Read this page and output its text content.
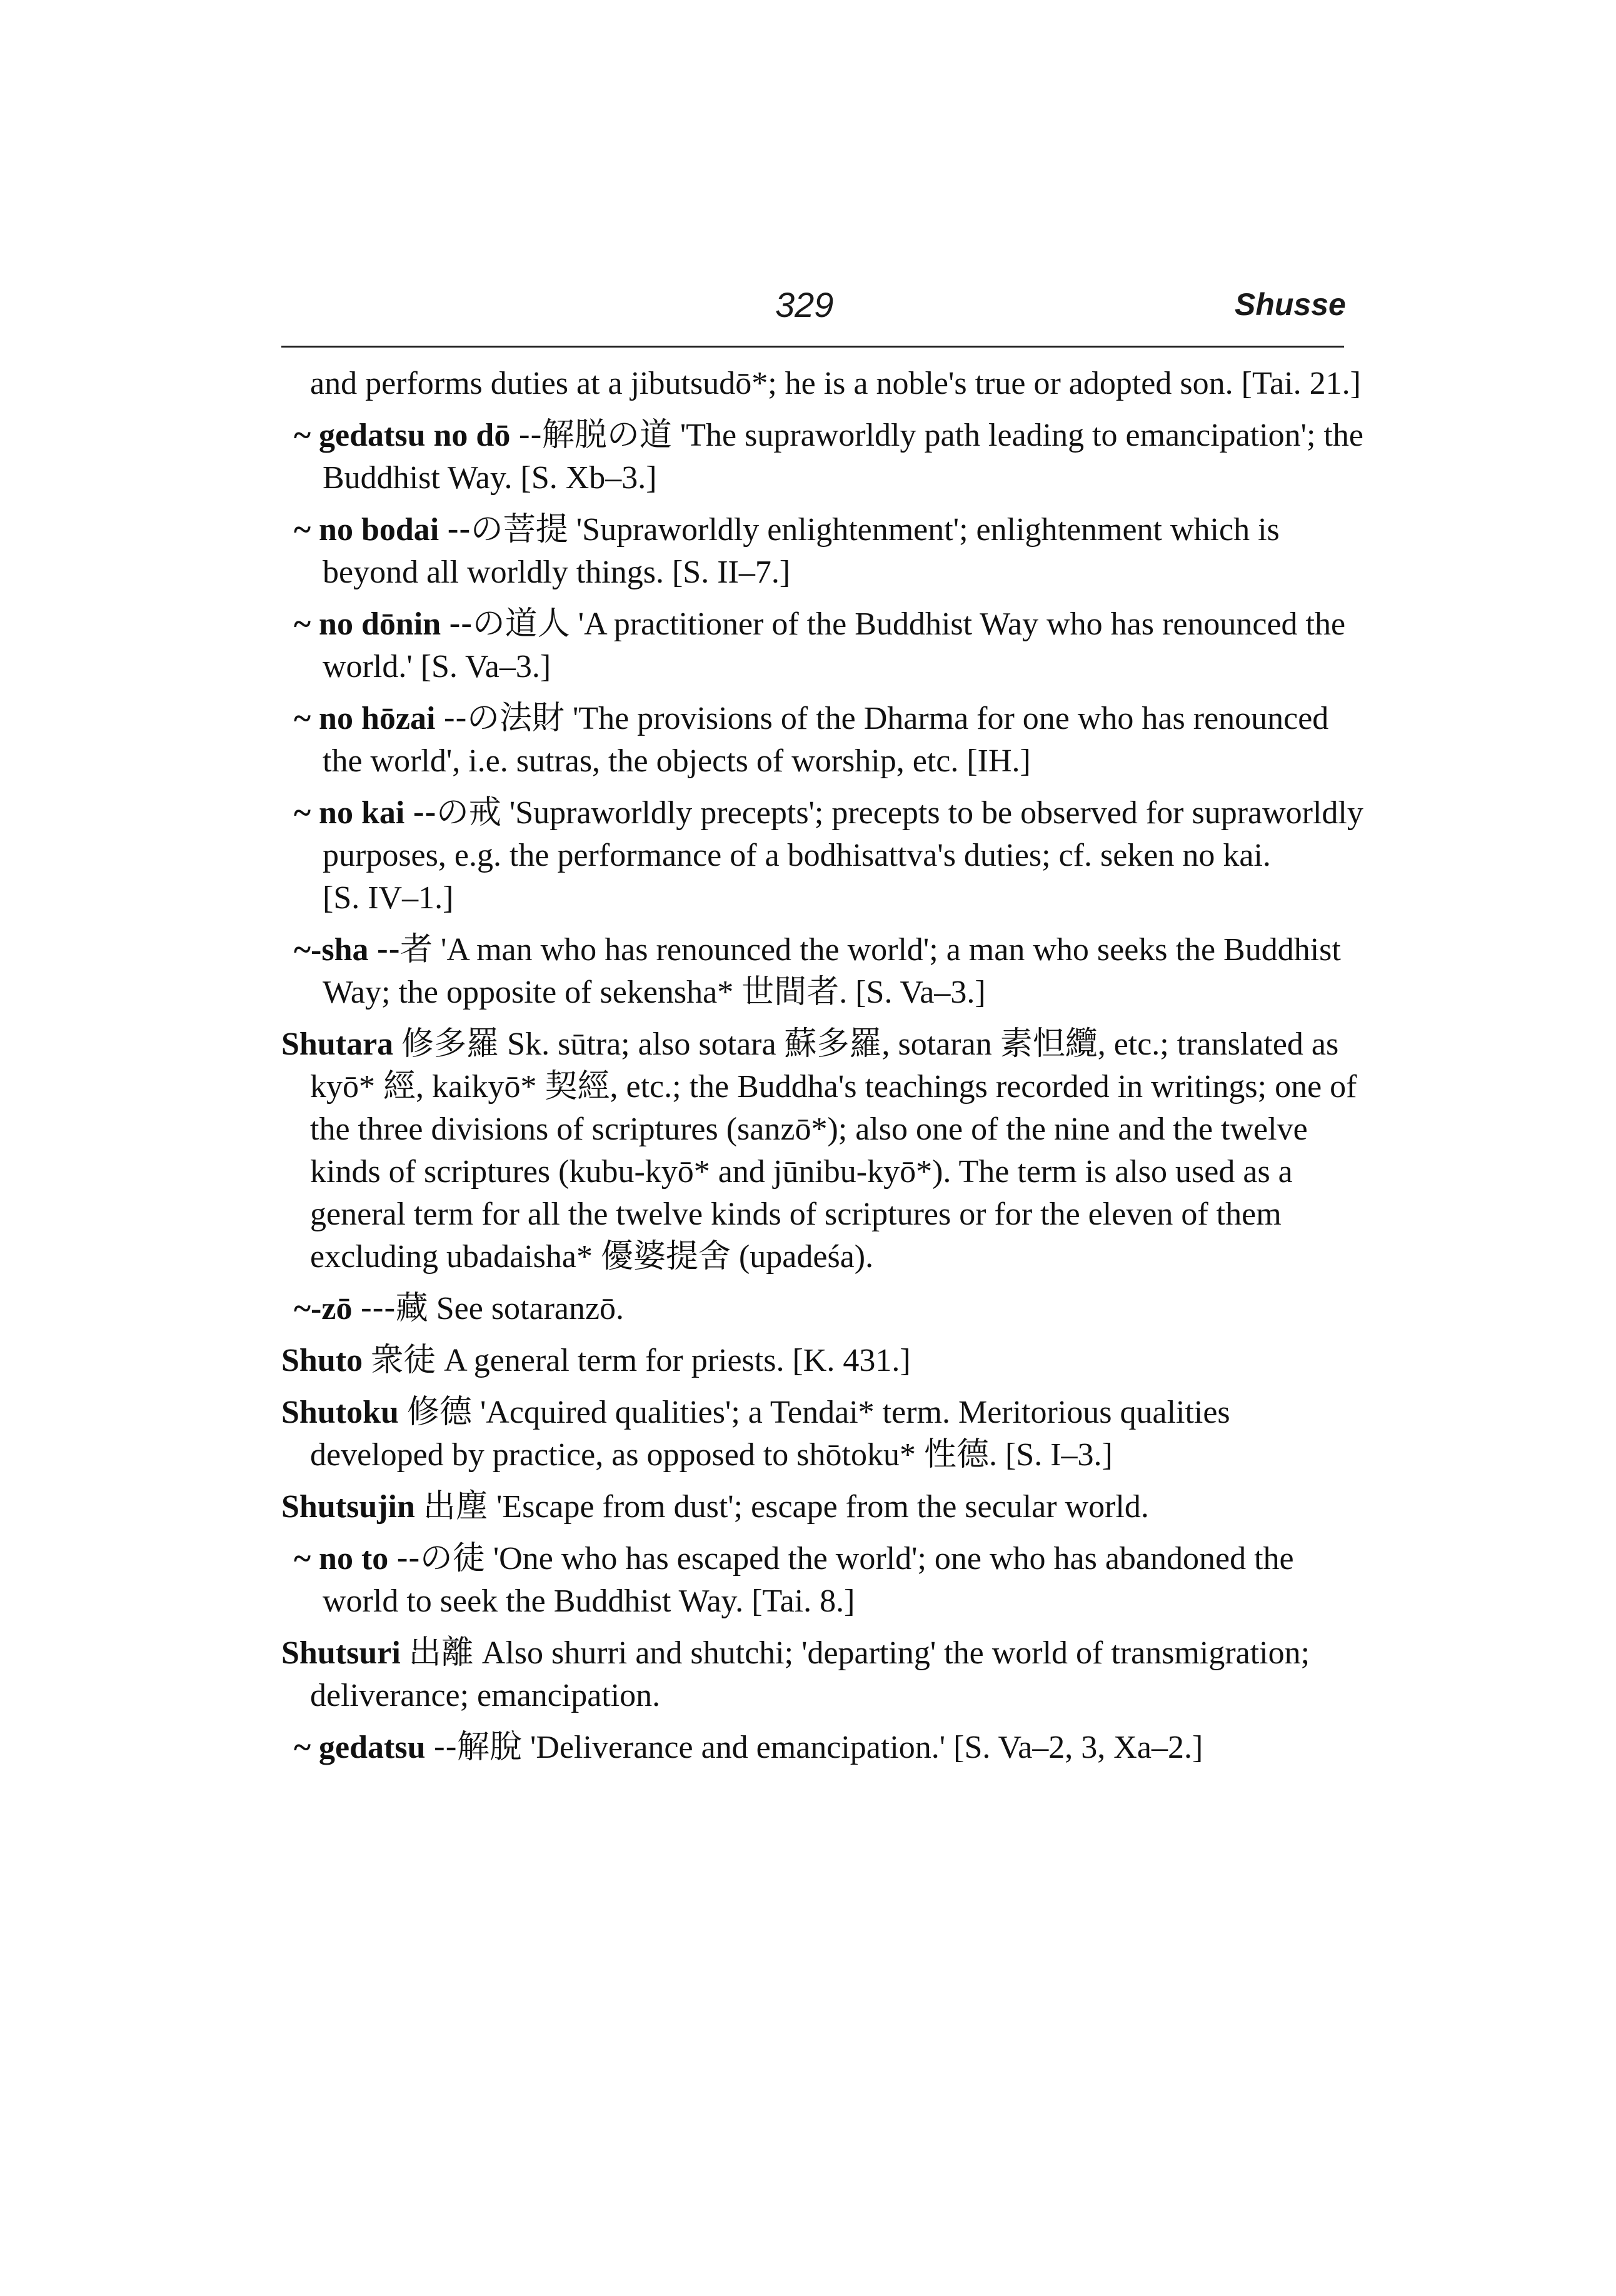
329	Shusse
and performs duties at a jibutsudō*; he is a noble's true or adopted son. [Tai. 21.]
~ gedatsu no dō --解脱の道 'The supraworldly path leading to emancipation'; the Buddhist Way. [S. Xb–3.]
~ no bodai --の菩提 'Supraworldly enlightenment'; enlightenment which is beyond all worldly things. [S. II–7.]
~ no dōnin --の道人 'A practitioner of the Buddhist Way who has renounced the world.' [S. Va–3.]
~ no hōzai --の法財 'The provisions of the Dharma for one who has renounced the world', i.e. sutras, the objects of worship, etc. [IH.]
~ no kai --の戒 'Supraworldly precepts'; precepts to be observed for supraworldly purposes, e.g. the performance of a bodhisattva's duties; cf. seken no kai. [S. IV–1.]
~-sha --者 'A man who has renounced the world'; a man who seeks the Buddhist Way; the opposite of sekensha* 世間者. [S. Va–3.]
Shutara 修多羅 Sk. sūtra; also sotara 蘇多羅, sotaran 素怛纜, etc.; translated as kyō* 經, kaikyō* 契經, etc.; the Buddha's teachings recorded in writings; one of the three divisions of scriptures (sanzō*); also one of the nine and the twelve kinds of scriptures (kubu-kyō* and jūnibu-kyō*). The term is also used as a general term for all the twelve kinds of scriptures or for the eleven of them excluding ubadaisha* 優婆提舍 (upadeśa).
~-zō ---藏 See sotaranzō.
Shuto 衆徒 A general term for priests. [K. 431.]
Shutoku 修德 'Acquired qualities'; a Tendai* term. Meritorious qualities developed by practice, as opposed to shōtoku* 性德. [S. I–3.]
Shutsujin 出塵 'Escape from dust'; escape from the secular world.
~ no to --の徒 'One who has escaped the world'; one who has abandoned the world to seek the Buddhist Way. [Tai. 8.]
Shutsuri 出離 Also shurri and shutchi; 'departing' the world of transmigration; deliverance; emancipation.
~ gedatsu --解脫 'Deliverance and emancipation.' [S. Va–2, 3, Xa–2.]
